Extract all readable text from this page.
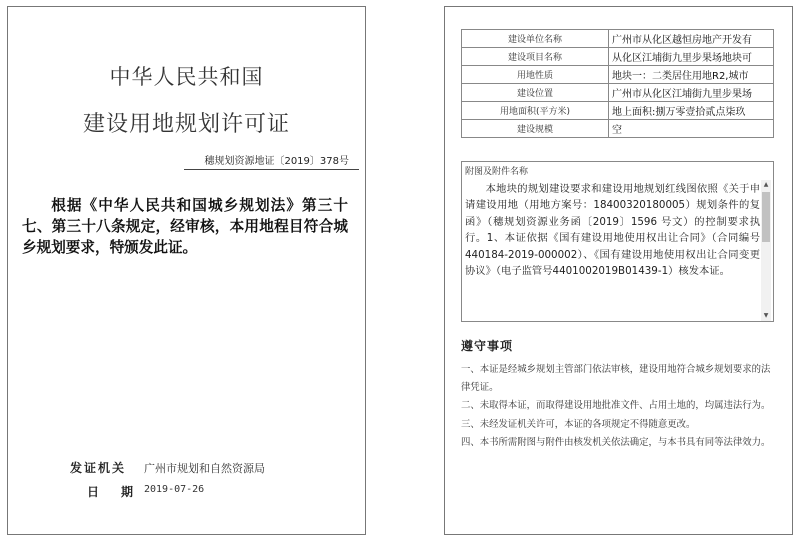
中华人民共和国
建设用地规划许可证
穗规划资源地证〔2019〕378号
根据《中华人民共和国城乡规划法》第三十七、第三十八条规定，经审核，本用地程目符合城乡规划要求，特颁发此证。
发证机关 广州市规划和自然资源局
日 期	2019-07-26
建设单位名称	广州市从化区越恒房地产开发有
建设项目名称	从化区江埔街九里步果场地块可
用地性质	地块一：二类居住用地R2,城市
建设位置	广州市从化区江埔街九里步果场
用地面积(平方米)	地上面积:捌万零壹拾贰点柒玖
建设规模	空
附图及附件名称
本地块的规划建设要求和建设用地规划红线图依照《关于申请建设用地（用地方案号：18400320180005）规划条件的复函》（穗规划资源业务函〔2019〕1596 号文）的控制要求执行。1、本证依据《国有建设用地使用权出让合同》（合同编号440184-2019-000002）、《国有建设用地使用权出让合同变更协议》（电子监管号4401002019B01439-1）核发本证。
▲
▼
遵守事项

一、本证是经城乡规划主管部门依法审核，建设用地符合城乡规划要求的法律凭证。

二、未取得本证，而取得建设用地批准文件、占用土地的，均属违法行为。

三、未经发证机关许可，本证的各项规定不得随意更改。

四、本书所需附图与附件由核发机关依法确定，与本书具有同等法律效力。
